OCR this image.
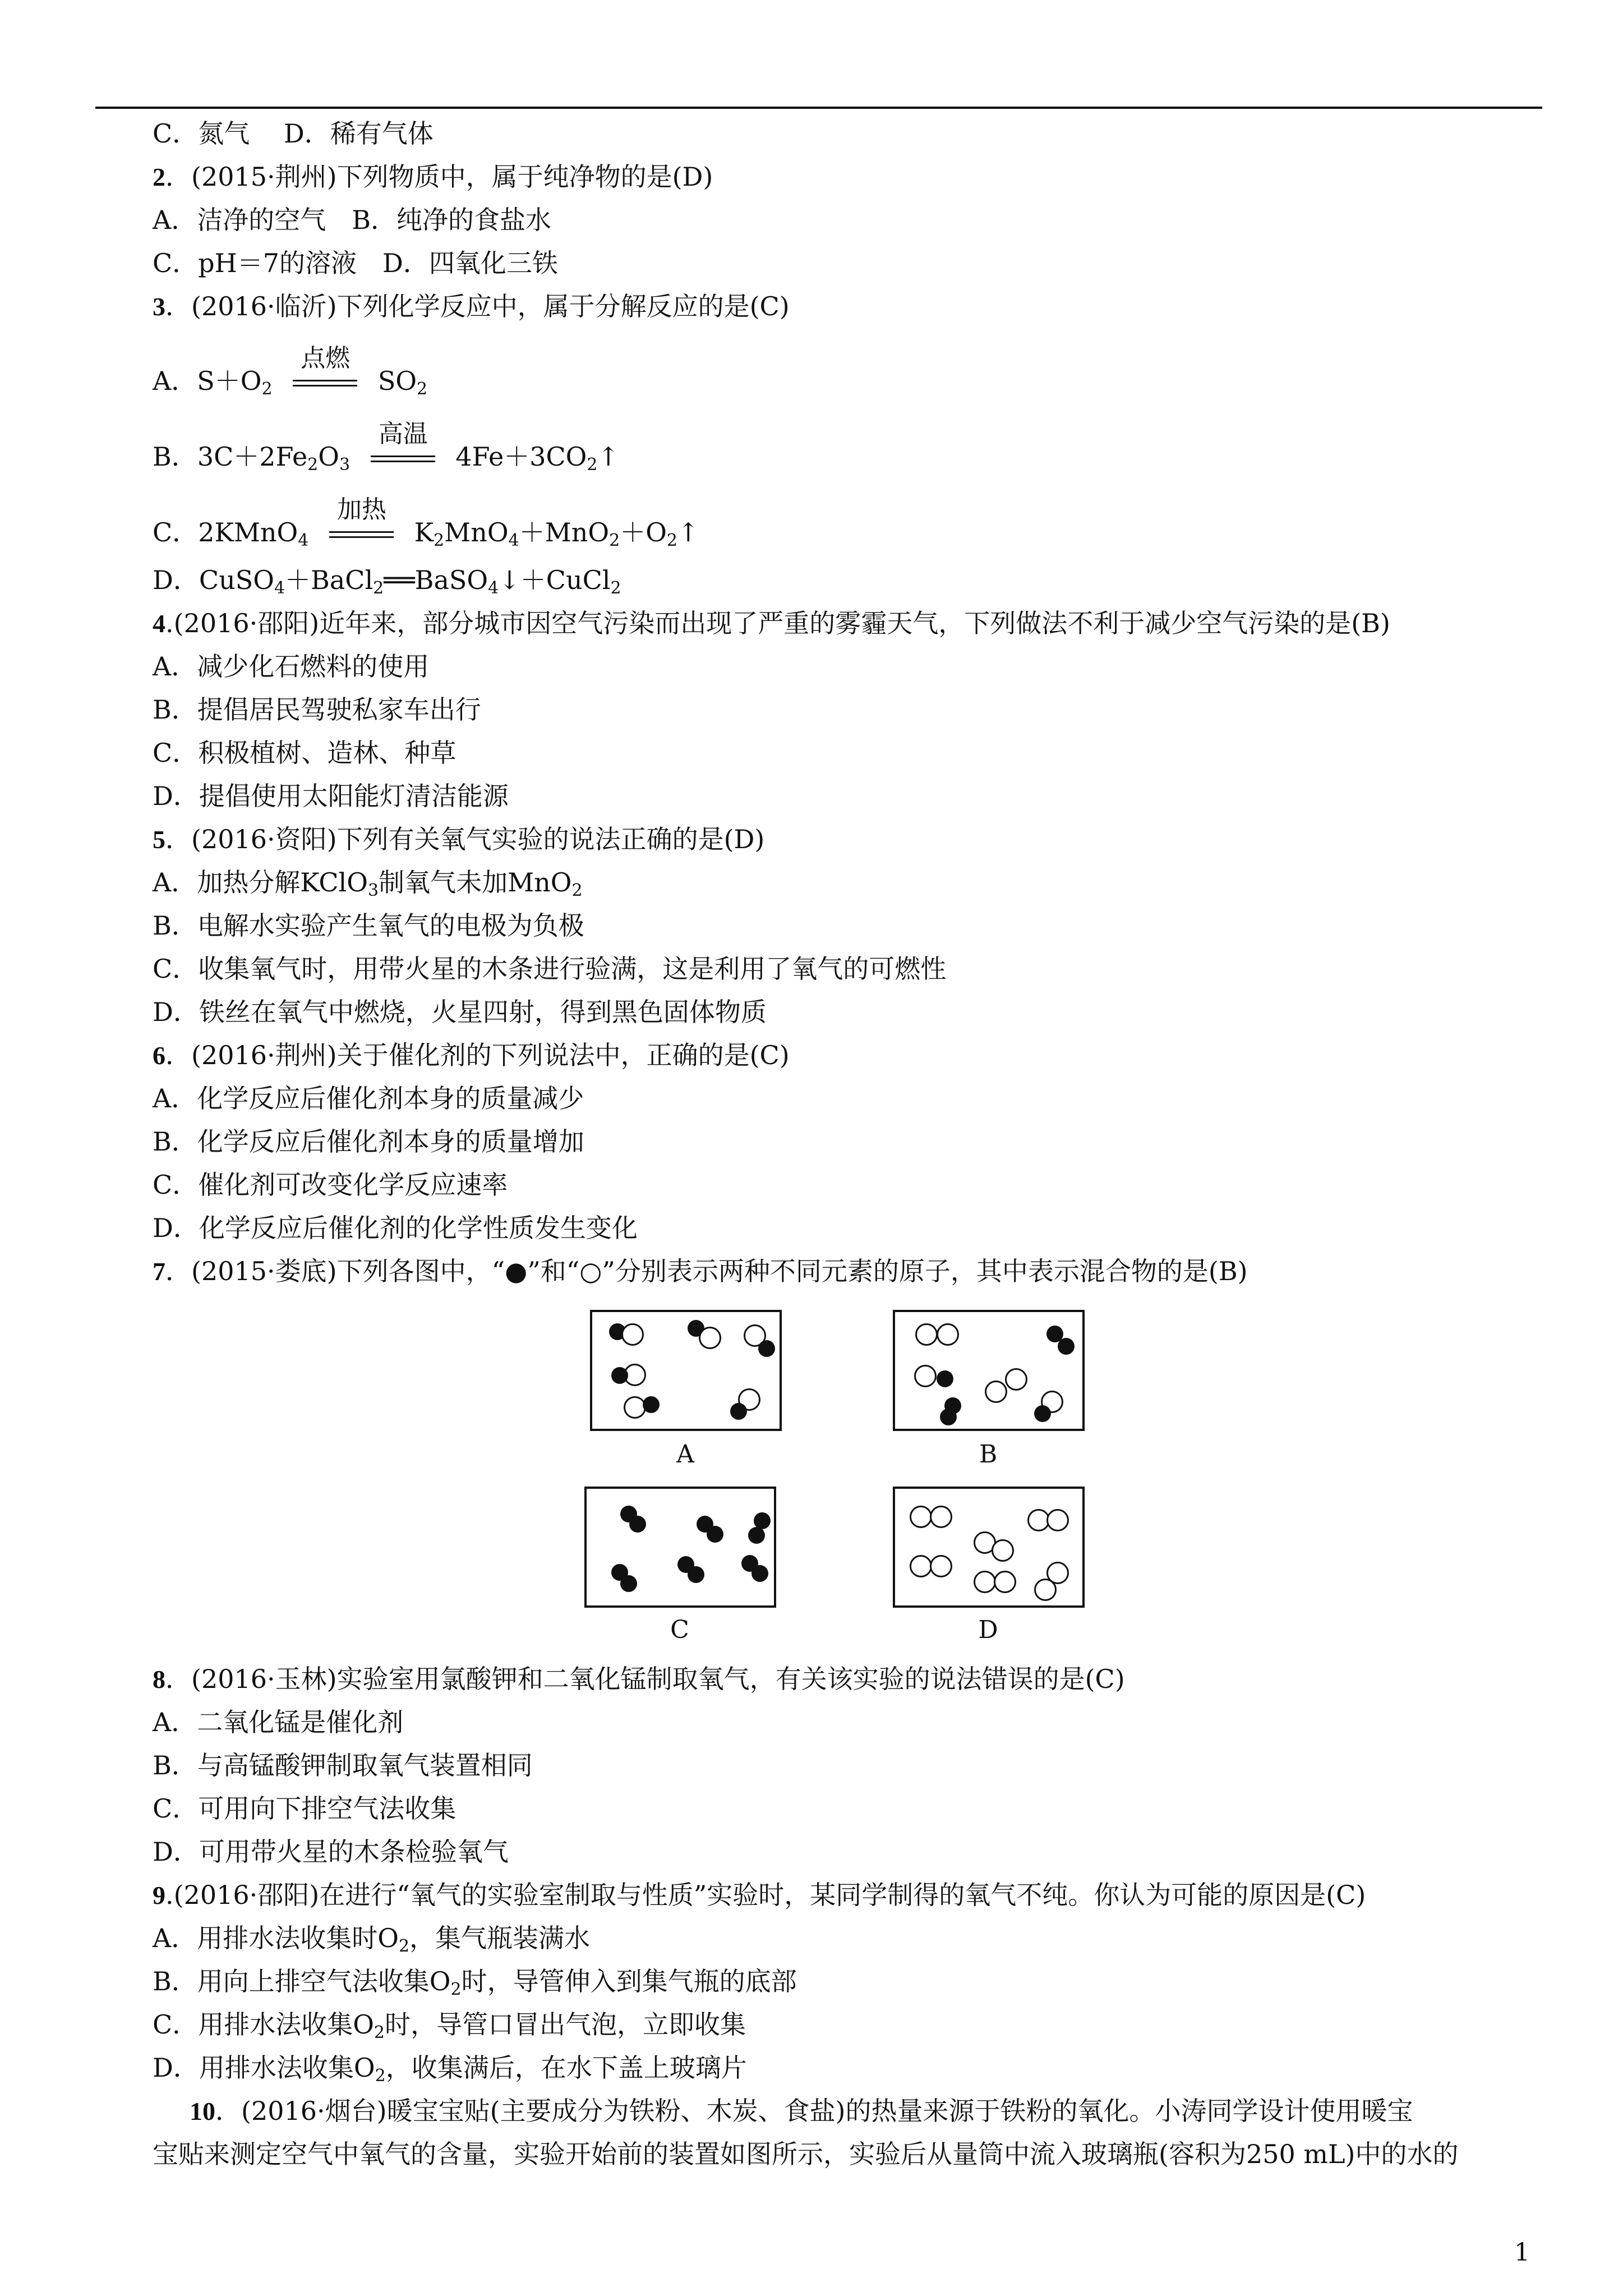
C．氮气　 D．稀有气体
2．(2015·荆州)下列物质中，属于纯净物的是(D)
A．洁净的空气　B．纯净的食盐水
C．pH＝7的溶液　D．四氧化三铁
3．(2016·临沂)下列化学反应中，属于分解反应的是(C)
A．$S+O_2$
点燃
$SO_2$
B．$3C+2Fe_2O_3$
高温
$4Fe+3CO_2↑$
C．2KMnO$_4$
加热
$K_2MnO_4+MnO_2+O_2↑$
D．CuSO$_4$＋BaCl$_2$══BaSO$_4$↓＋CuCl$_2$
4.(2016·邵阳)近年来，部分城市因空气污染而出现了严重的雾霾天气，下列做法不利于减少空气污染的是(B)
A．减少化石燃料的使用
B．提倡居民驾驶私家车出行
C．积极植树、造林、种草
D．提倡使用太阳能灯清洁能源
5．(2016·资阳)下列有关氧气实验的说法正确的是(D)
A．加热分解KClO$_3$制氧气未加MnO$_2$
B．电解水实验产生氧气的电极为负极
C．收集氧气时，用带火星的木条进行验满，这是利用了氧气的可燃性
D．铁丝在氧气中燃烧，火星四射，得到黑色固体物质
6．(2016·荆州)关于催化剂的下列说法中，正确的是(C)
A．化学反应后催化剂本身的质量减少
B．化学反应后催化剂本身的质量增加
C．催化剂可改变化学反应速率
D．化学反应后催化剂的化学性质发生变化
7．(2015·娄底)下列各图中，“●”和“○”分别表示两种不同元素的原子，其中表示混合物的是(B)
A	B
C	D
8．(2016·玉林)实验室用氯酸钾和二氧化锰制取氧气，有关该实验的说法错误的是(C)
A．二氧化锰是催化剂
B．与高锰酸钾制取氧气装置相同
C．可用向下排空气法收集
D．可用带火星的木条检验氧气
9.(2016·邵阳)在进行“氧气的实验室制取与性质”实验时，某同学制得的氧气不纯。你认为可能的原因是(C)
A．用排水法收集时$O_2$，集气瓶装满水
B．用向上排空气法收集$O_2$时，导管伸入到集气瓶的底部
C．用排水法收集$O_2$时，导管口冒出气泡，立即收集
D．用排水法收集$O_2$，收集满后，在水下盖上玻璃片
10．(2016·烟台)暖宝宝贴(主要成分为铁粉、木炭、食盐)的热量来源于铁粉的氧化。小涛同学设计使用暖宝
宝贴来测定空气中氧气的含量，实验开始前的装置如图所示，实验后从量筒中流入玻璃瓶(容积为250 mL)中的水的
1
